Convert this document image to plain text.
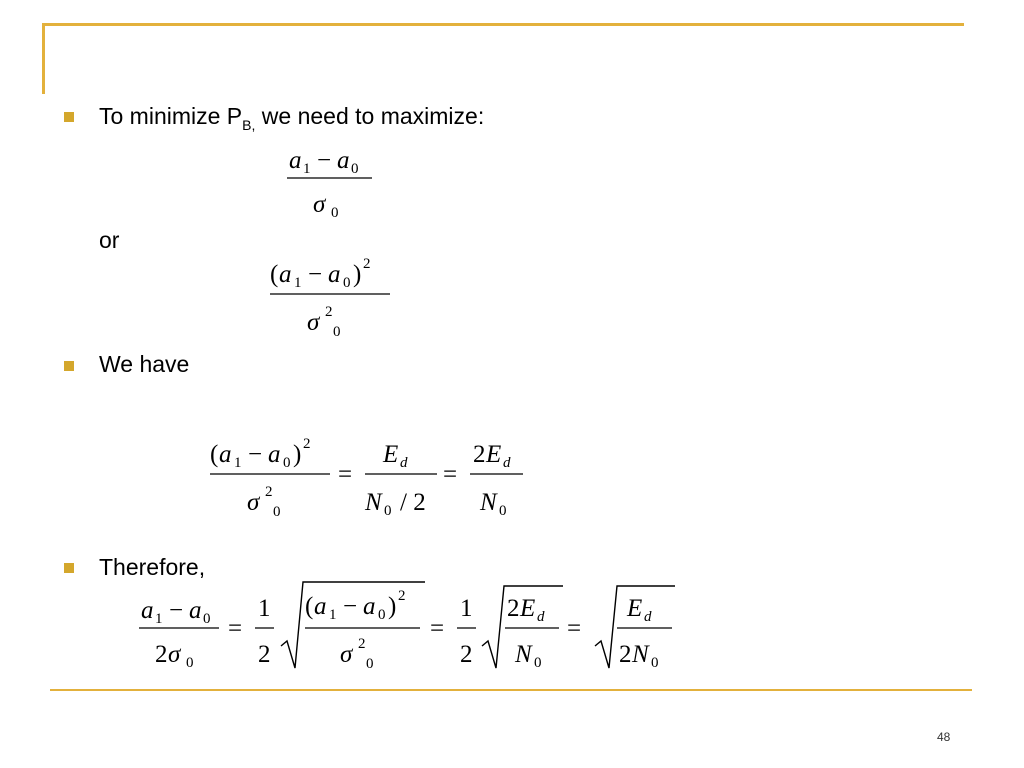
To minimize $P_{B,}$ we need to maximize:
a 1 − a 0
σ 0
or
( a 1 − a 0 ) 2
σ 2
0
We have
( a 1 − a 0 ) 2
σ 2
0
=
E d
N 0 / 2
=
2 E d
N 0
Therefore,
a 1 − a 0
2 σ 0
=
1
2
( a 1 − a 0 ) 2
σ 2
0
=
1
2
2 E d
N 0
=
E d
2 N 0
48
